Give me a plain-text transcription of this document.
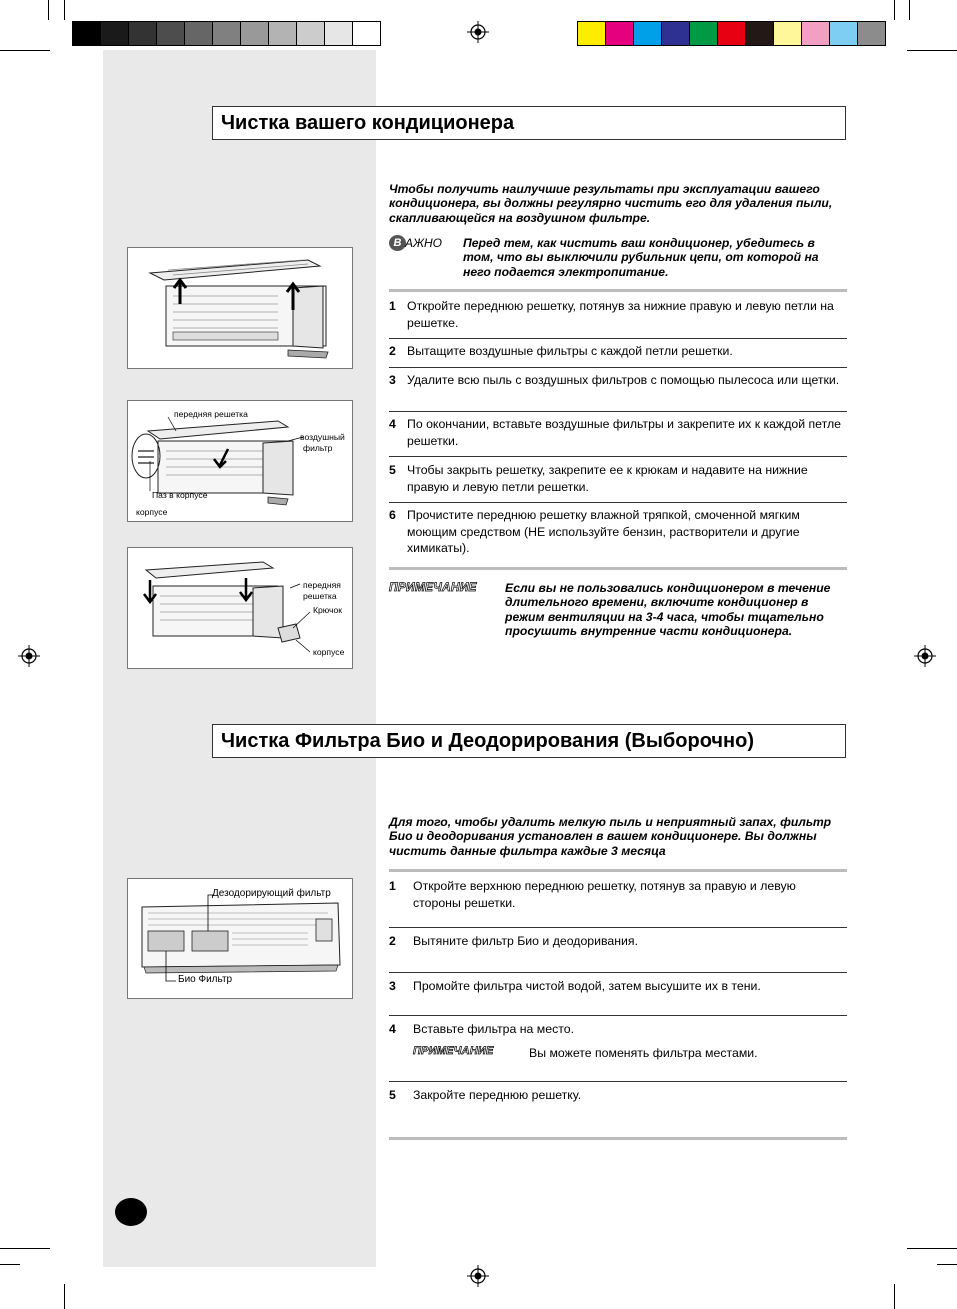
Чистка вашего кондиционера
Чтобы получить наилучшие результаты при эксплуатации вашего кондиционера, вы должны регулярно чистить его для удаления пыли, скапливающейся на воздушном фильтре.
В АЖНО Перед тем, как чистить ваш кондиционер, убедитесь в том, что вы выключили рубильник цепи, от которой на него подается электропитание.
1 Откройте переднюю решетку, потянув за нижние правую и левую петли на решетке.
2 Вытащите воздушные фильтры с каждой петли решетки.
3 Удалите всю пыль с воздушных фильтров с помощью пылесоса или щетки.
4 По окончании, вставьте воздушные фильтры и закрепите их к каждой петле решетки.
5 Чтобы закрыть решетку, закрепите ее к крюкам и надавите на нижние правую и левую петли решетки.
6 Прочистите переднюю решетку влажной тряпкой, смоченной мягким моющим средством (НЕ используйте бензин, растворители и другие химикаты).
ПРИМЕЧАНИЕ Если вы не пользовались кондиционером в течение длительного времени, включите кондиционер в режим вентиляции на 3-4 часа, чтобы тщательно просушить внутренние части кондиционера.
передняя решетка
воздушный
фильтр
Паз в корпусе
корпусе
передняя
решетка
Крючок
корпусе
Чистка Фильтра Био и Деодорирования (Выборочно)
Для того, чтобы удалить мелкую пыль и неприятный запах, фильтр Био и деодоривания установлен в вашем кондиционере. Вы должны чистить данные фильтра каждые 3 месяца
1 Откройте верхнюю переднюю решетку, потянув за правую и левую стороны решетки.
2 Вытяните фильтр Био и деодоривания.
3 Промойте фильтра чистой водой, затем высушите их в тени.
4 Вставьте фильтра на место.
ПРИМЕЧАНИЕ	Вы можете поменять фильтра местами.
5 Закройте переднюю решетку.
Дезодорирующий фильтр
Био Фильтр
